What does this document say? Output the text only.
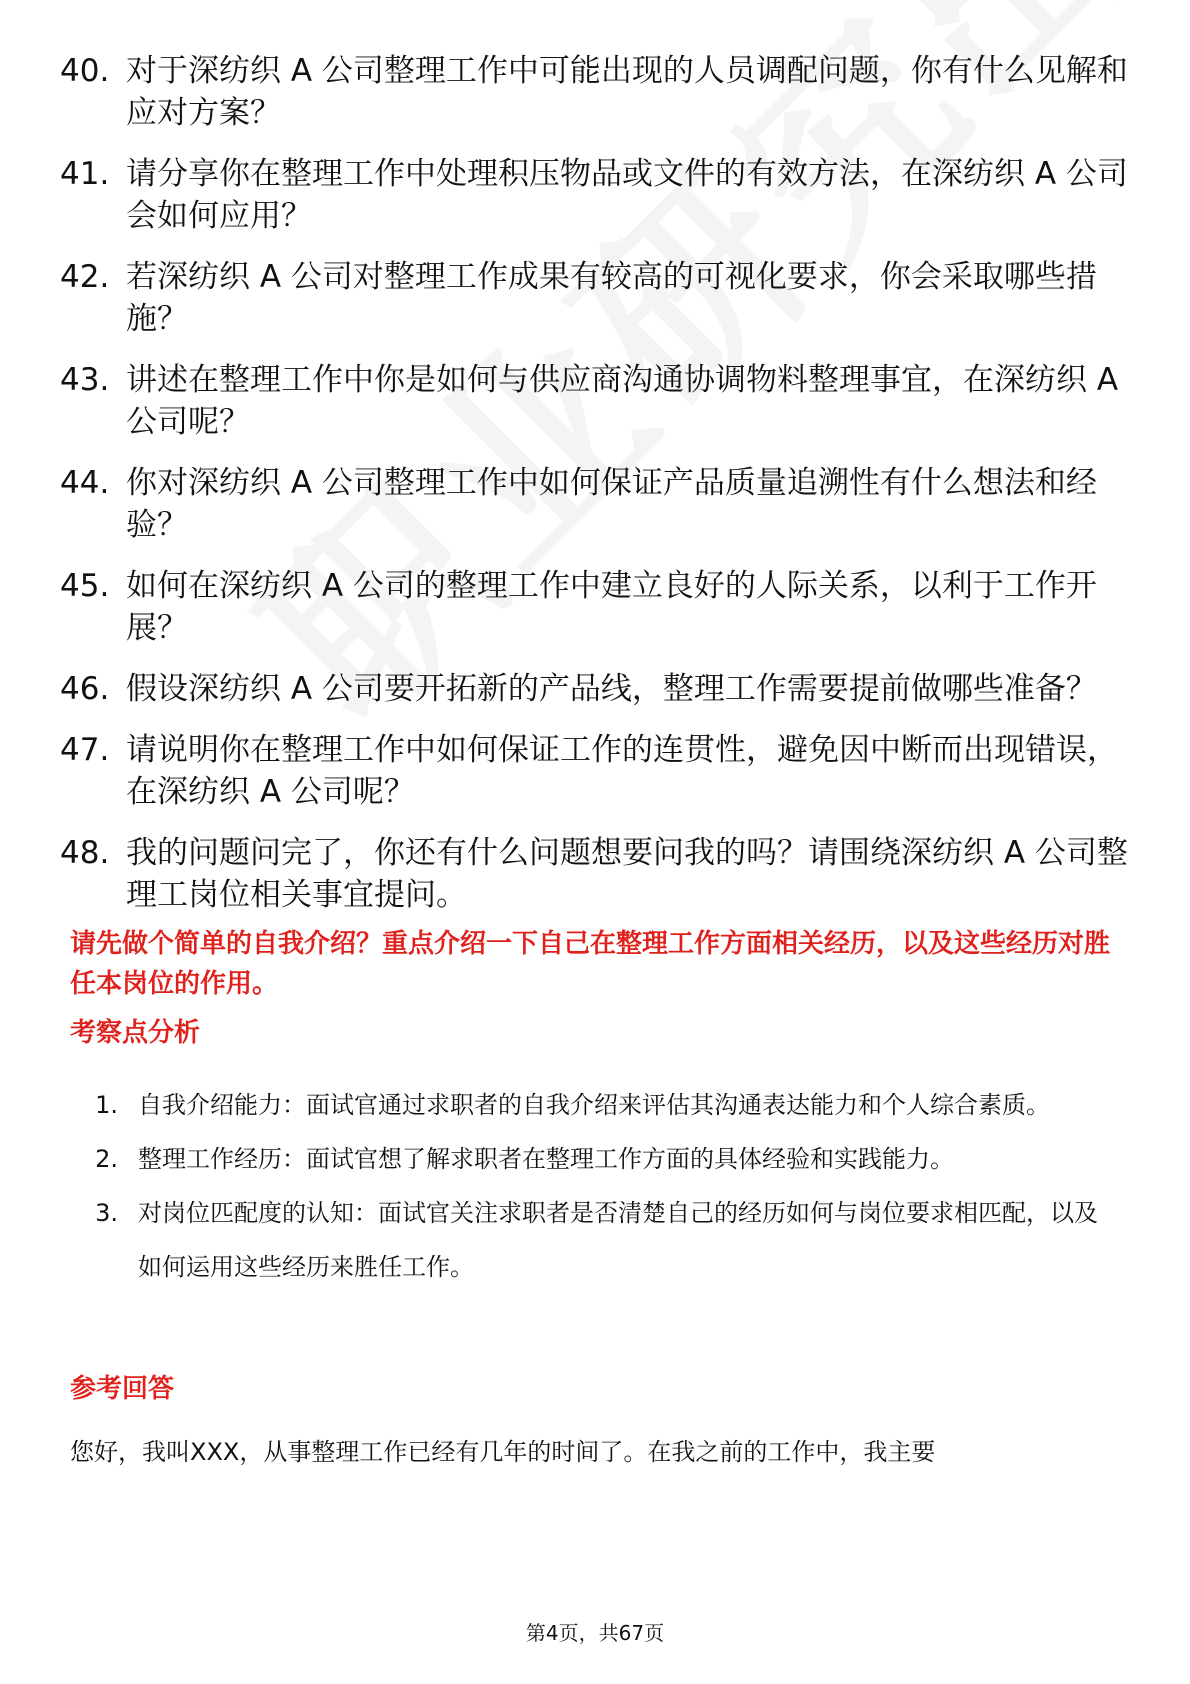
40. 对于深纺织 A 公司整理工作中可能出现的人员调配问题，你有什么见解和应对方案？
41. 请分享你在整理工作中处理积压物品或文件的有效方法，在深纺织 A 公司会如何应用？
42. 若深纺织 A 公司对整理工作成果有较高的可视化要求，你会采取哪些措施？
43. 讲述在整理工作中你是如何与供应商沟通协调物料整理事宜，在深纺织 A 公司呢？
44. 你对深纺织 A 公司整理工作中如何保证产品质量追溯性有什么想法和经验？
45. 如何在深纺织 A 公司的整理工作中建立良好的人际关系，以利于工作开展？
46. 假设深纺织 A 公司要开拓新的产品线，整理工作需要提前做哪些准备？
47. 请说明你在整理工作中如何保证工作的连贯性，避免因中断而出现错误，在深纺织 A 公司呢？
48. 我的问题问完了，你还有什么问题想要问我的吗？请围绕深纺织 A 公司整理工岗位相关事宜提问。
请先做个简单的自我介绍？重点介绍一下自己在整理工作方面相关经历，以及这些经历对胜任本岗位的作用。
考察点分析
1. 自我介绍能力：面试官通过求职者的自我介绍来评估其沟通表达能力和个人综合素质。
2. 整理工作经历：面试官想了解求职者在整理工作方面的具体经验和实践能力。
3. 对岗位匹配度的认知：面试官关注求职者是否清楚自己的经历如何与岗位要求相匹配，以及如何运用这些经历来胜任工作。
参考回答
您好，我叫XXX，从事整理工作已经有几年的时间了。在我之前的工作中，我主要
第4页，共67页
